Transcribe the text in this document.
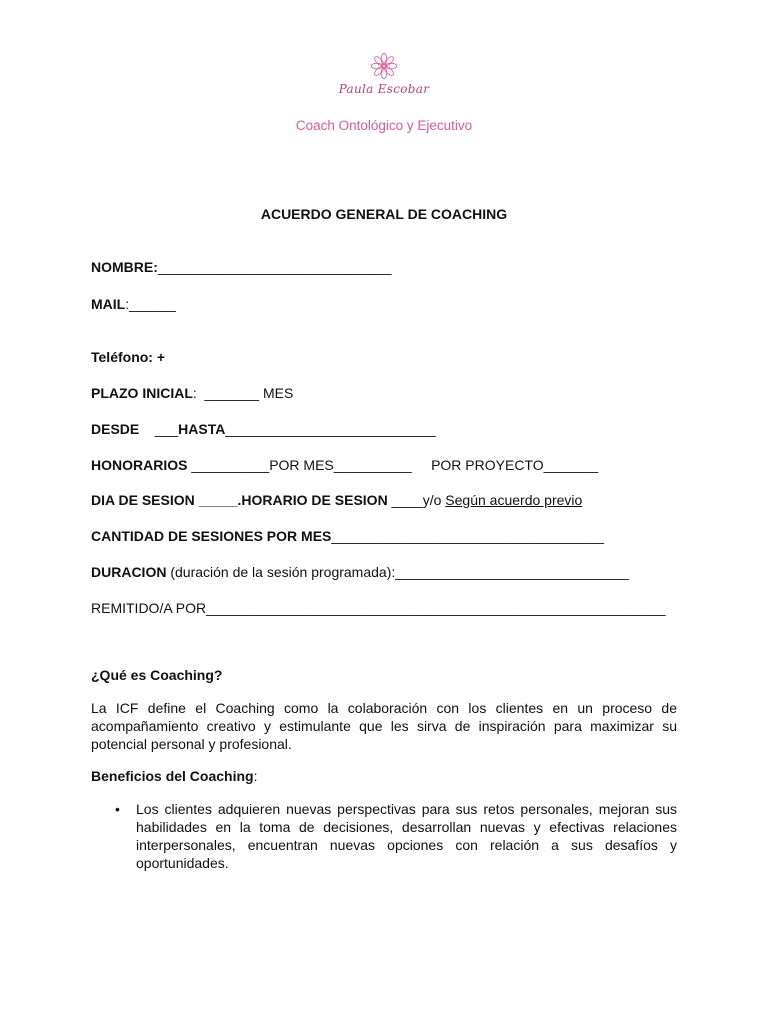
Paula Escobar
Coach Ontológico y Ejecutivo
ACUERDO GENERAL DE COACHING
NOMBRE:______________________________
MAIL:______
Teléfono: +
PLAZO INICIAL:  _______ MES
DESDE    ___HASTA___________________________
HONORARIOS __________POR MES__________     POR PROYECTO_______
DIA DE SESION _____.HORARIO DE SESION ____y/o Según acuerdo previo
CANTIDAD DE SESIONES POR MES___________________________________
DURACION (duración de la sesión programada):______________________________
REMITIDO/A POR___________________________________________________________
¿Qué es Coaching?
La ICF define el Coaching como la colaboración con los clientes en un proceso de acompañamiento creativo y estimulante que les sirva de inspiración para maximizar su potencial personal y profesional.
Beneficios del Coaching:
• Los clientes adquieren nuevas perspectivas para sus retos personales, mejoran sus habilidades en la toma de decisiones, desarrollan nuevas y efectivas relaciones interpersonales, encuentran nuevas opciones con relación a sus desafíos y oportunidades.
